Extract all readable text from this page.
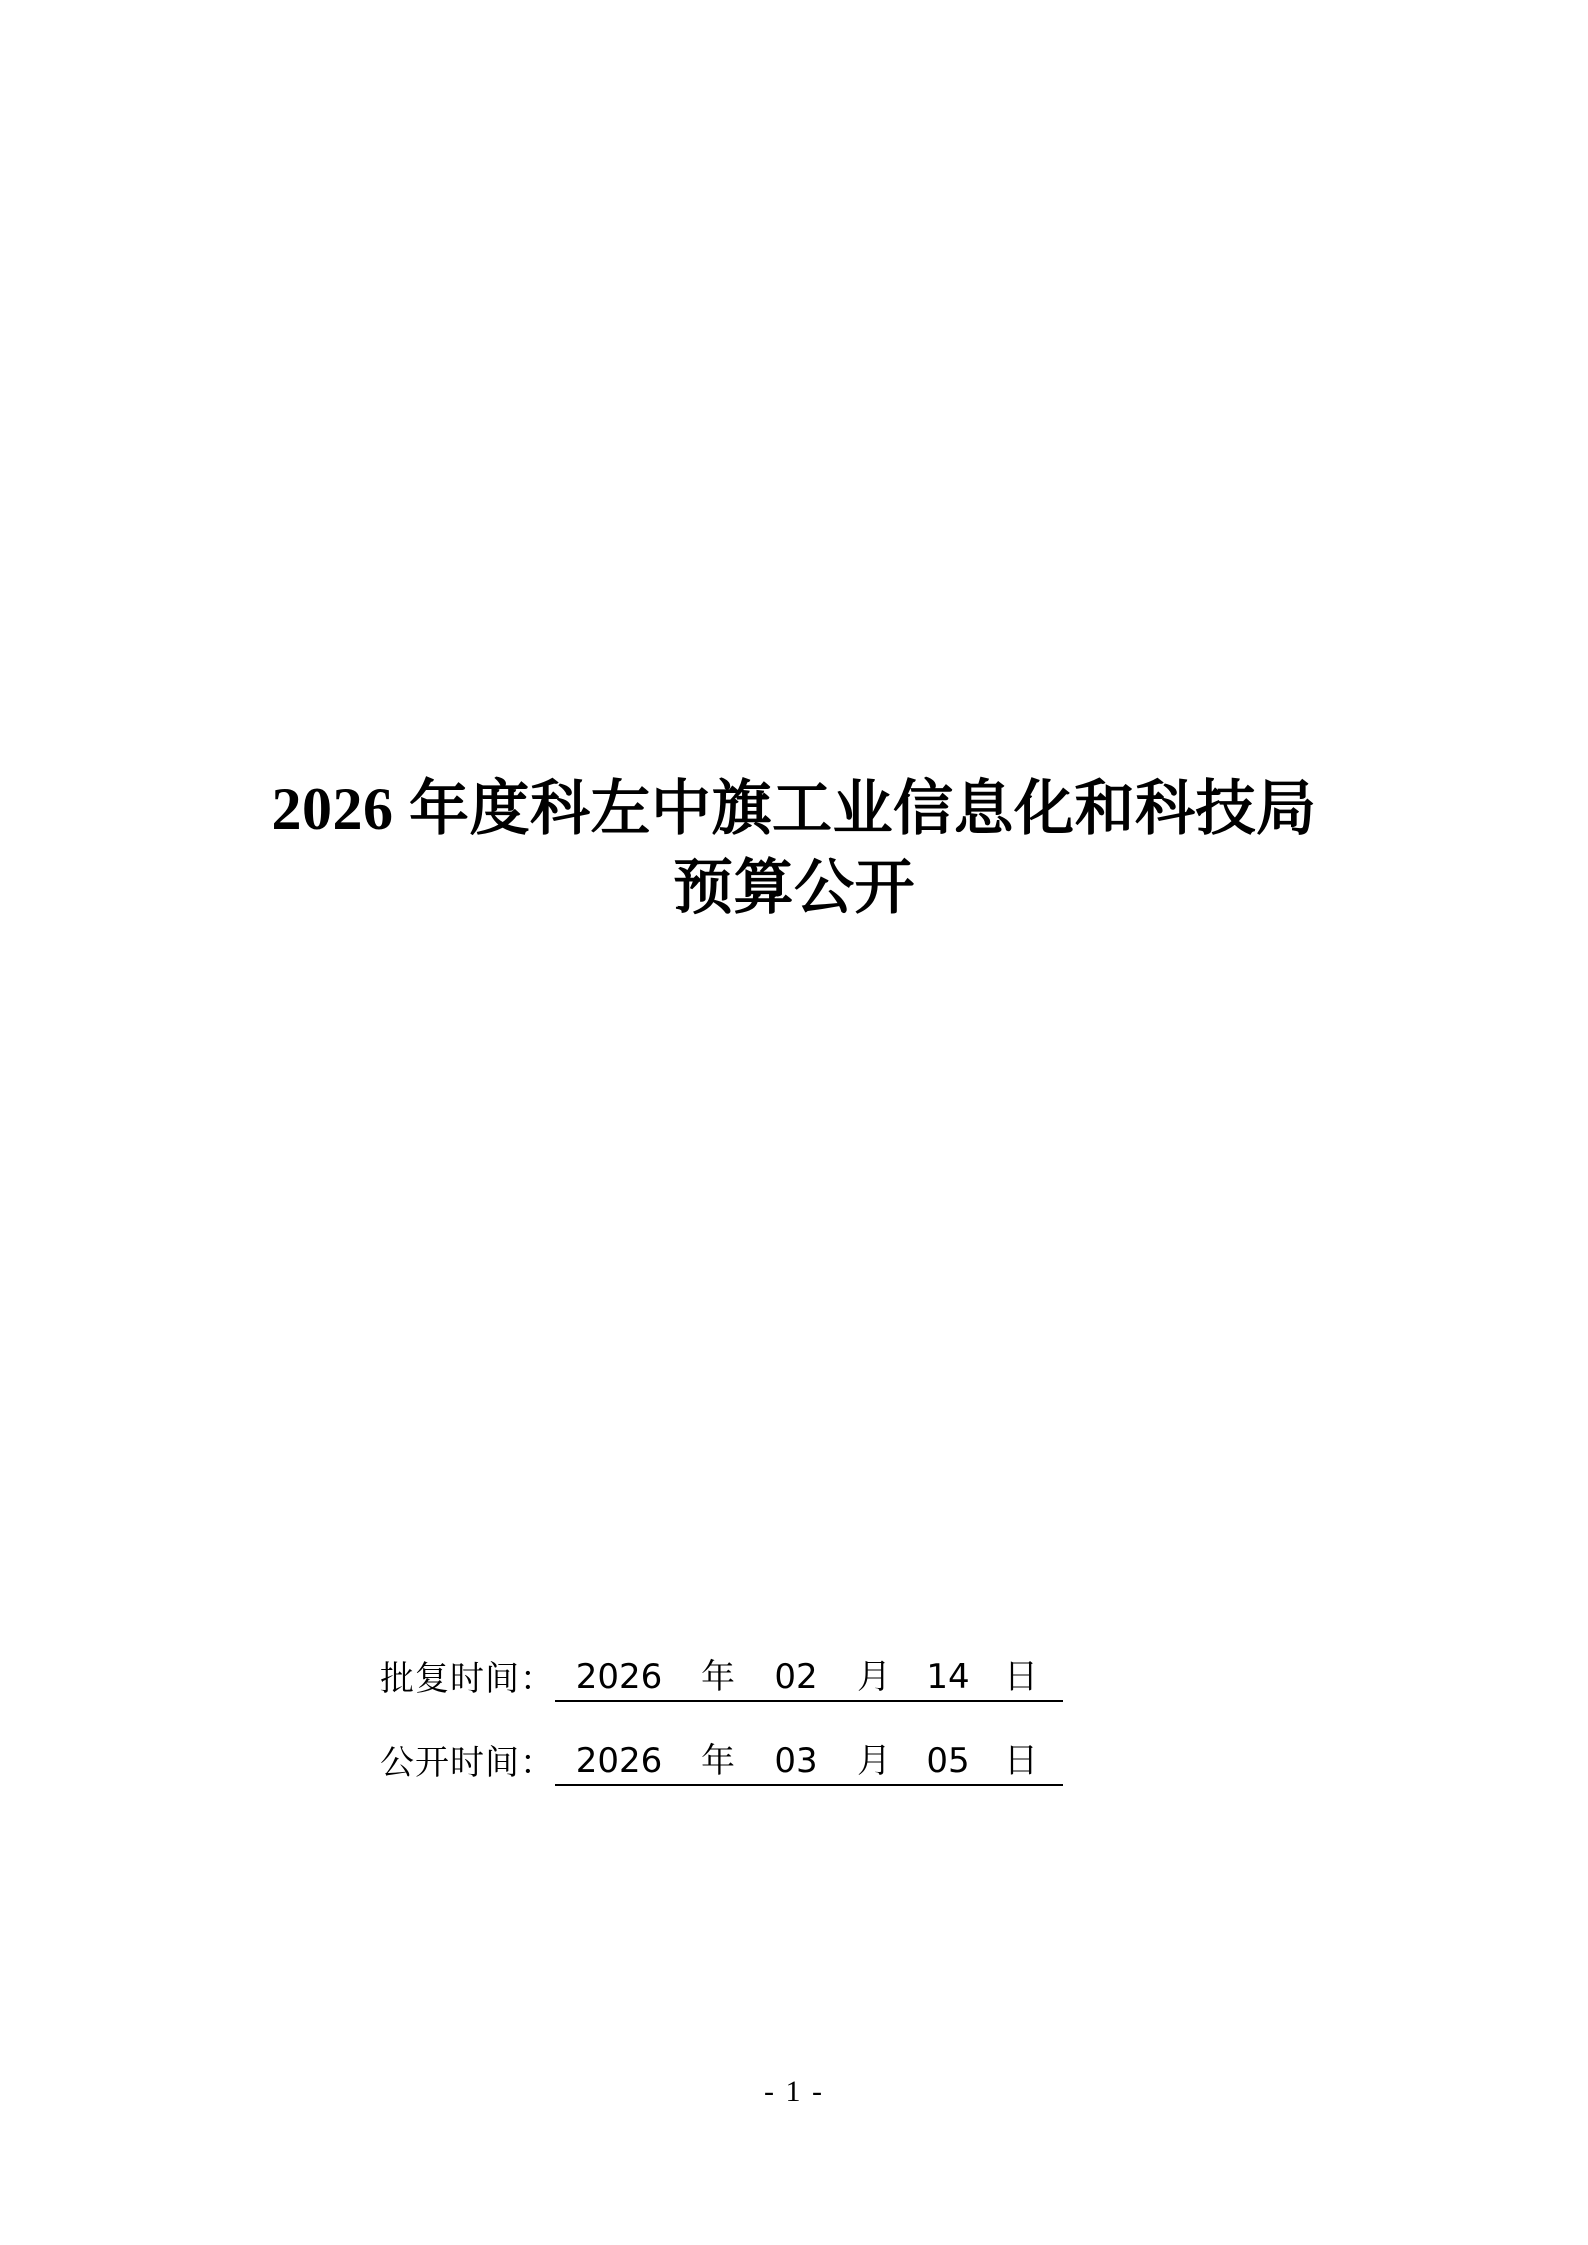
2026 年度科左中旗工业信息化和科技局
预算公开
批复时间： 2026	年	02	月	14	日
公开时间： 2026	年	03	月	05	日
- 1 -
